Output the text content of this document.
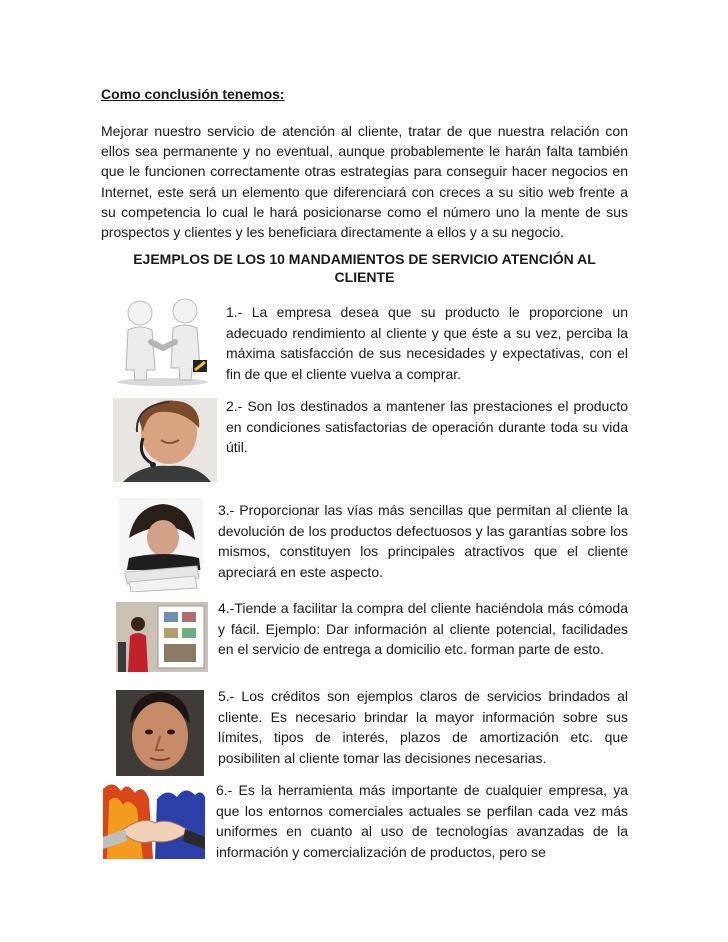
Como conclusión tenemos:
Mejorar nuestro servicio de atención al cliente, tratar de que nuestra relación con ellos sea permanente y no eventual, aunque probablemente le harán falta también que le funcionen correctamente otras estrategias para conseguir hacer negocios en Internet, este será un elemento que diferenciará con creces a su sitio web frente a su competencia lo cual le hará posicionarse como el número uno la mente de sus prospectos y clientes y les beneficiara directamente a ellos y a su negocio.
EJEMPLOS DE LOS 10 MANDAMIENTOS DE SERVICIO ATENCIÓN AL
CLIENTE
1.- La empresa desea que su producto le proporcione un adecuado rendimiento al cliente y que éste a su vez, perciba la máxima satisfacción de sus necesidades y expectativas, con el fin de que el cliente vuelva a comprar.
2.- Son los destinados a mantener las prestaciones el producto en condiciones satisfactorias de operación durante toda su vida útil.
3.- Proporcionar las vías más sencillas que permitan al cliente la devolución de los productos defectuosos y las garantías sobre los mismos, constituyen los principales atractivos que el cliente apreciará en este aspecto.
4.-Tiende a facilitar la compra del cliente haciéndola más cómoda y fácil. Ejemplo: Dar información al cliente potencial, facilidades en el servicio de entrega a domicilio etc. forman parte de esto.
5.- Los créditos son ejemplos claros de servicios brindados al cliente. Es necesario brindar la mayor información sobre sus límites, tipos de interés, plazos de amortización etc. que posibiliten al cliente tomar las decisiones necesarias.
6.- Es la herramienta más importante de cualquier empresa, ya que los entornos comerciales actuales se perfilan cada vez más uniformes en cuanto al uso de tecnologías avanzadas de la información y comercialización de productos, pero se
